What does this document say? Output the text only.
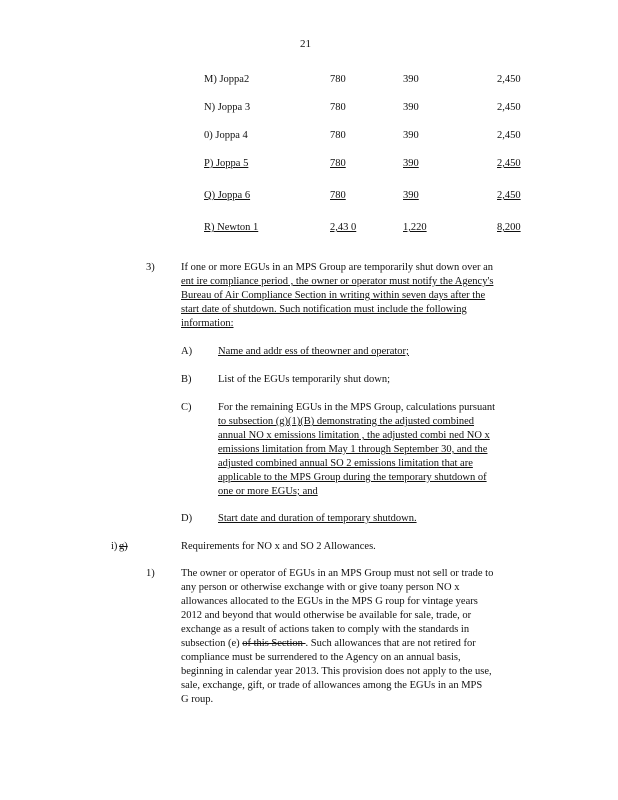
21
M) Joppa2	780	390	2,450
N) Joppa 3	780	390	2,450
0) Joppa 4	780	390	2,450
P) Joppa 5	780	390	2,450
Q) Joppa 6	780	390	2,450
R) Newton 1	2,43 0	1,220	8,200
3)	If one or more EGUs in an MPS Group are temporarily shut down over an
ent ire compliance period , the owner or operator must notify the Agency's
Bureau of Air Compliance Section in writing within seven days after the
start date of shutdown. Such notification must include the following
information:
A) Name and addr ess of theowner and operator;
B)	List of the EGUs temporarily shut down;
C)	For the remaining EGUs in the MPS Group, calculations pursuant
to subsection (g)(1)(B) demonstrating the adjusted combined
annual NO x emissions limitation , the adjusted combi ned NO x
emissions limitation from May 1 through September 30, and the
adjusted combined annual SO 2 emissions limitation that are
applicable to the MPS Group during the temporary shutdown of
one or more EGUs; and
D) Start date and duration of temporary shutdown.
i) g)	Requirements for NO x and SO 2 Allowances.
1)	The owner or operator of EGUs in an MPS Group must not sell or trade to
any person or otherwise exchange with or give toany person NO x
allowances allocated to the EGUs in the MPS G roup for vintage years
2012 and beyond that would otherwise be available for sale, trade, or
exchange as a result of actions taken to comply with the standards in
subsection (e) of this Section . Such allowances that are not retired for
compliance must be surrendered to the Agency on an annual basis,
beginning in calendar year 2013. This provision does not apply to the use,
sale, exchange, gift, or trade of allowances among the EGUs in an MPS
G roup.
